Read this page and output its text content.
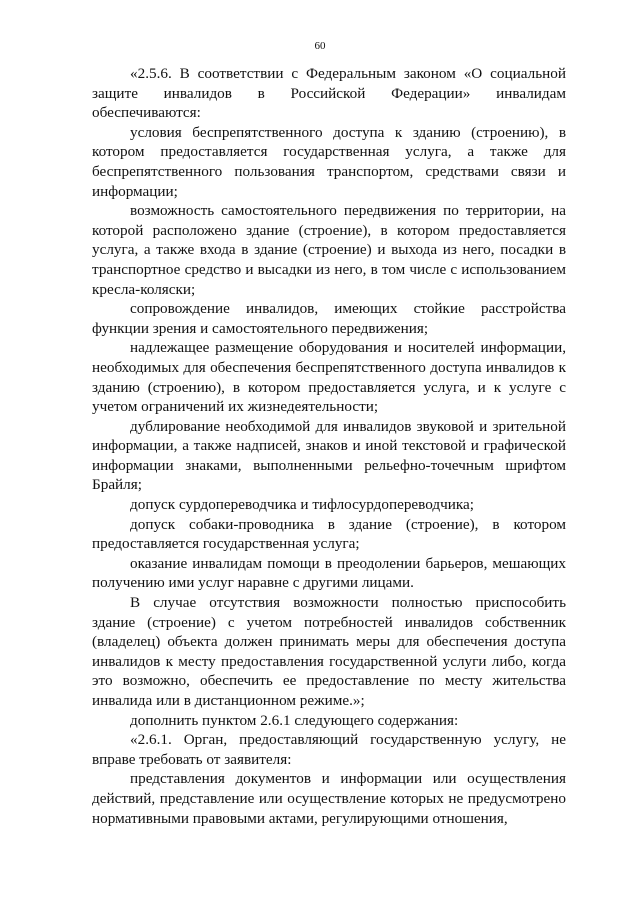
60

«2.5.6. В соответствии с Федеральным законом «О социальной защите инвалидов в Российской Федерации» инвалидам обеспечиваются:

условия беспрепятственного доступа к зданию (строению), в котором предоставляется государственная услуга, а также для беспрепятственного пользования транспортом, средствами связи и информации;

возможность самостоятельного передвижения по территории, на которой расположено здание (строение), в котором предоставляется услуга, а также входа в здание (строение) и выхода из него, посадки в транспортное средство и высадки из него, в том числе с использованием кресла-коляски;

сопровождение инвалидов, имеющих стойкие расстройства функции зрения и самостоятельного передвижения;

надлежащее размещение оборудования и носителей информации, необходимых для обеспечения беспрепятственного доступа инвалидов к зданию (строению), в котором предоставляется услуга, и к услуге с учетом ограничений их жизнедеятельности;

дублирование необходимой для инвалидов звуковой и зрительной информации, а также надписей, знаков и иной текстовой и графической информации знаками, выполненными рельефно-точечным шрифтом Брайля;

допуск сурдопереводчика и тифлосурдопереводчика;

допуск собаки-проводника в здание (строение), в котором предоставляется государственная услуга;

оказание инвалидам помощи в преодолении барьеров, мешающих получению ими услуг наравне с другими лицами.

В случае отсутствия возможности полностью приспособить здание (строение) с учетом потребностей инвалидов собственник (владелец) объекта должен принимать меры для обеспечения доступа инвалидов к месту предоставления государственной услуги либо, когда это возможно, обеспечить ее предоставление по месту жительства инвалида или в дистанционном режиме.»;

дополнить пунктом 2.6.1 следующего содержания:

«2.6.1. Орган, предоставляющий государственную услугу, не вправе требовать от заявителя:

представления документов и информации или осуществления действий, представление или осуществление которых не предусмотрено нормативными правовыми актами, регулирующими отношения,
